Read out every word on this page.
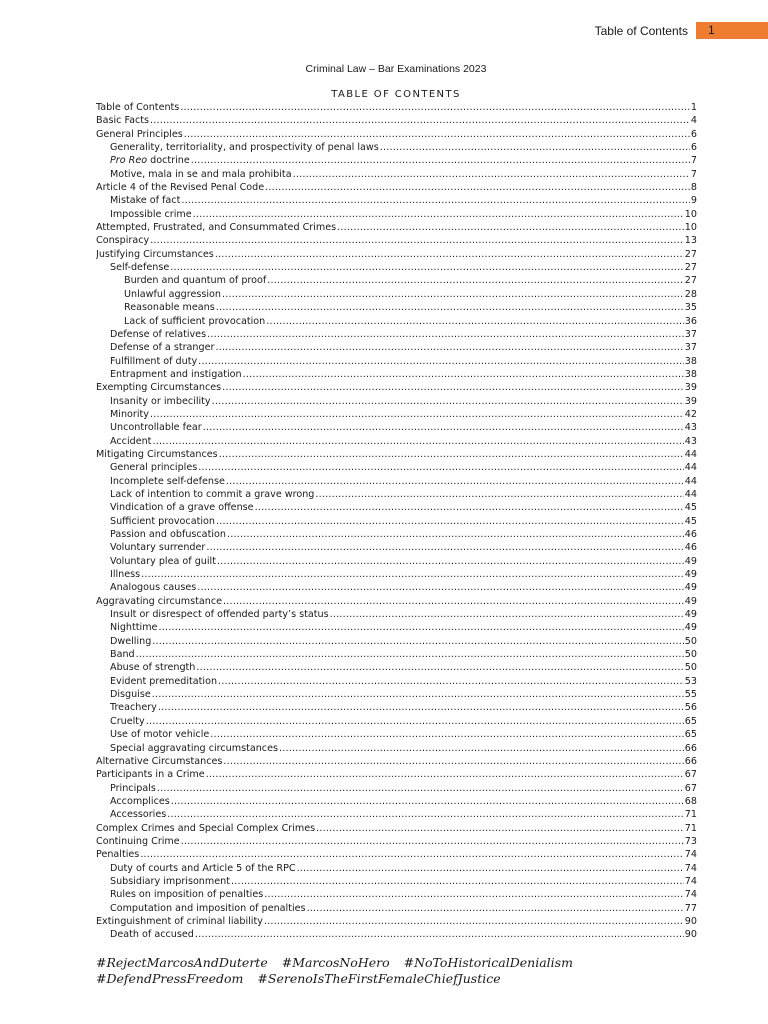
Table of Contents	1
Criminal Law – Bar Examinations 2023
TABLE OF CONTENTS
Table of Contents .....	1
Basic Facts .....	4
General Principles .....	6
Generality, territoriality, and prospectivity of penal laws .....	6
Pro Reo doctrine .....	7
Motive, mala in se and mala prohibita .....	7
Article 4 of the Revised Penal Code .....	8
Mistake of fact .....	9
Impossible crime .....	10
Attempted, Frustrated, and Consummated Crimes .....	10
Conspiracy .....	13
Justifying Circumstances .....	27
Self-defense .....	27
Burden and quantum of proof .....	27
Unlawful aggression .....	28
Reasonable means .....	35
Lack of sufficient provocation .....	36
Defense of relatives .....	37
Defense of a stranger .....	37
Fulfillment of duty .....	38
Entrapment and instigation .....	38
Exempting Circumstances .....	39
Insanity or imbecility .....	39
Minority .....	42
Uncontrollable fear .....	43
Accident .....	43
Mitigating Circumstances .....	44
General principles .....	44
Incomplete self-defense .....	44
Lack of intention to commit a grave wrong .....	44
Vindication of a grave offense .....	45
Sufficient provocation .....	45
Passion and obfuscation .....	46
Voluntary surrender .....	46
Voluntary plea of guilt .....	49
Illness .....	49
Analogous causes .....	49
Aggravating circumstance .....	49
Insult or disrespect of offended party’s status .....	49
Nighttime .....	49
Dwelling .....	50
Band .....	50
Abuse of strength .....	50
Evident premeditation .....	53
Disguise .....	55
Treachery .....	56
Cruelty .....	65
Use of motor vehicle .....	65
Special aggravating circumstances .....	66
Alternative Circumstances .....	66
Participants in a Crime .....	67
Principals .....	67
Accomplices .....	68
Accessories .....	71
Complex Crimes and Special Complex Crimes .....	71
Continuing Crime .....	73
Penalties .....	74
Duty of courts and Article 5 of the RPC .....	74
Subsidiary imprisonment .....	74
Rules on imposition of penalties .....	74
Computation and imposition of penalties .....	77
Extinguishment of criminal liability .....	90
Death of accused .....	90
#RejectMarcosAndDuterte #MarcosNoHero #NoToHistoricalDenialism
#DefendPressFreedom #SerenoIsTheFirstFemaleChiefJustice
